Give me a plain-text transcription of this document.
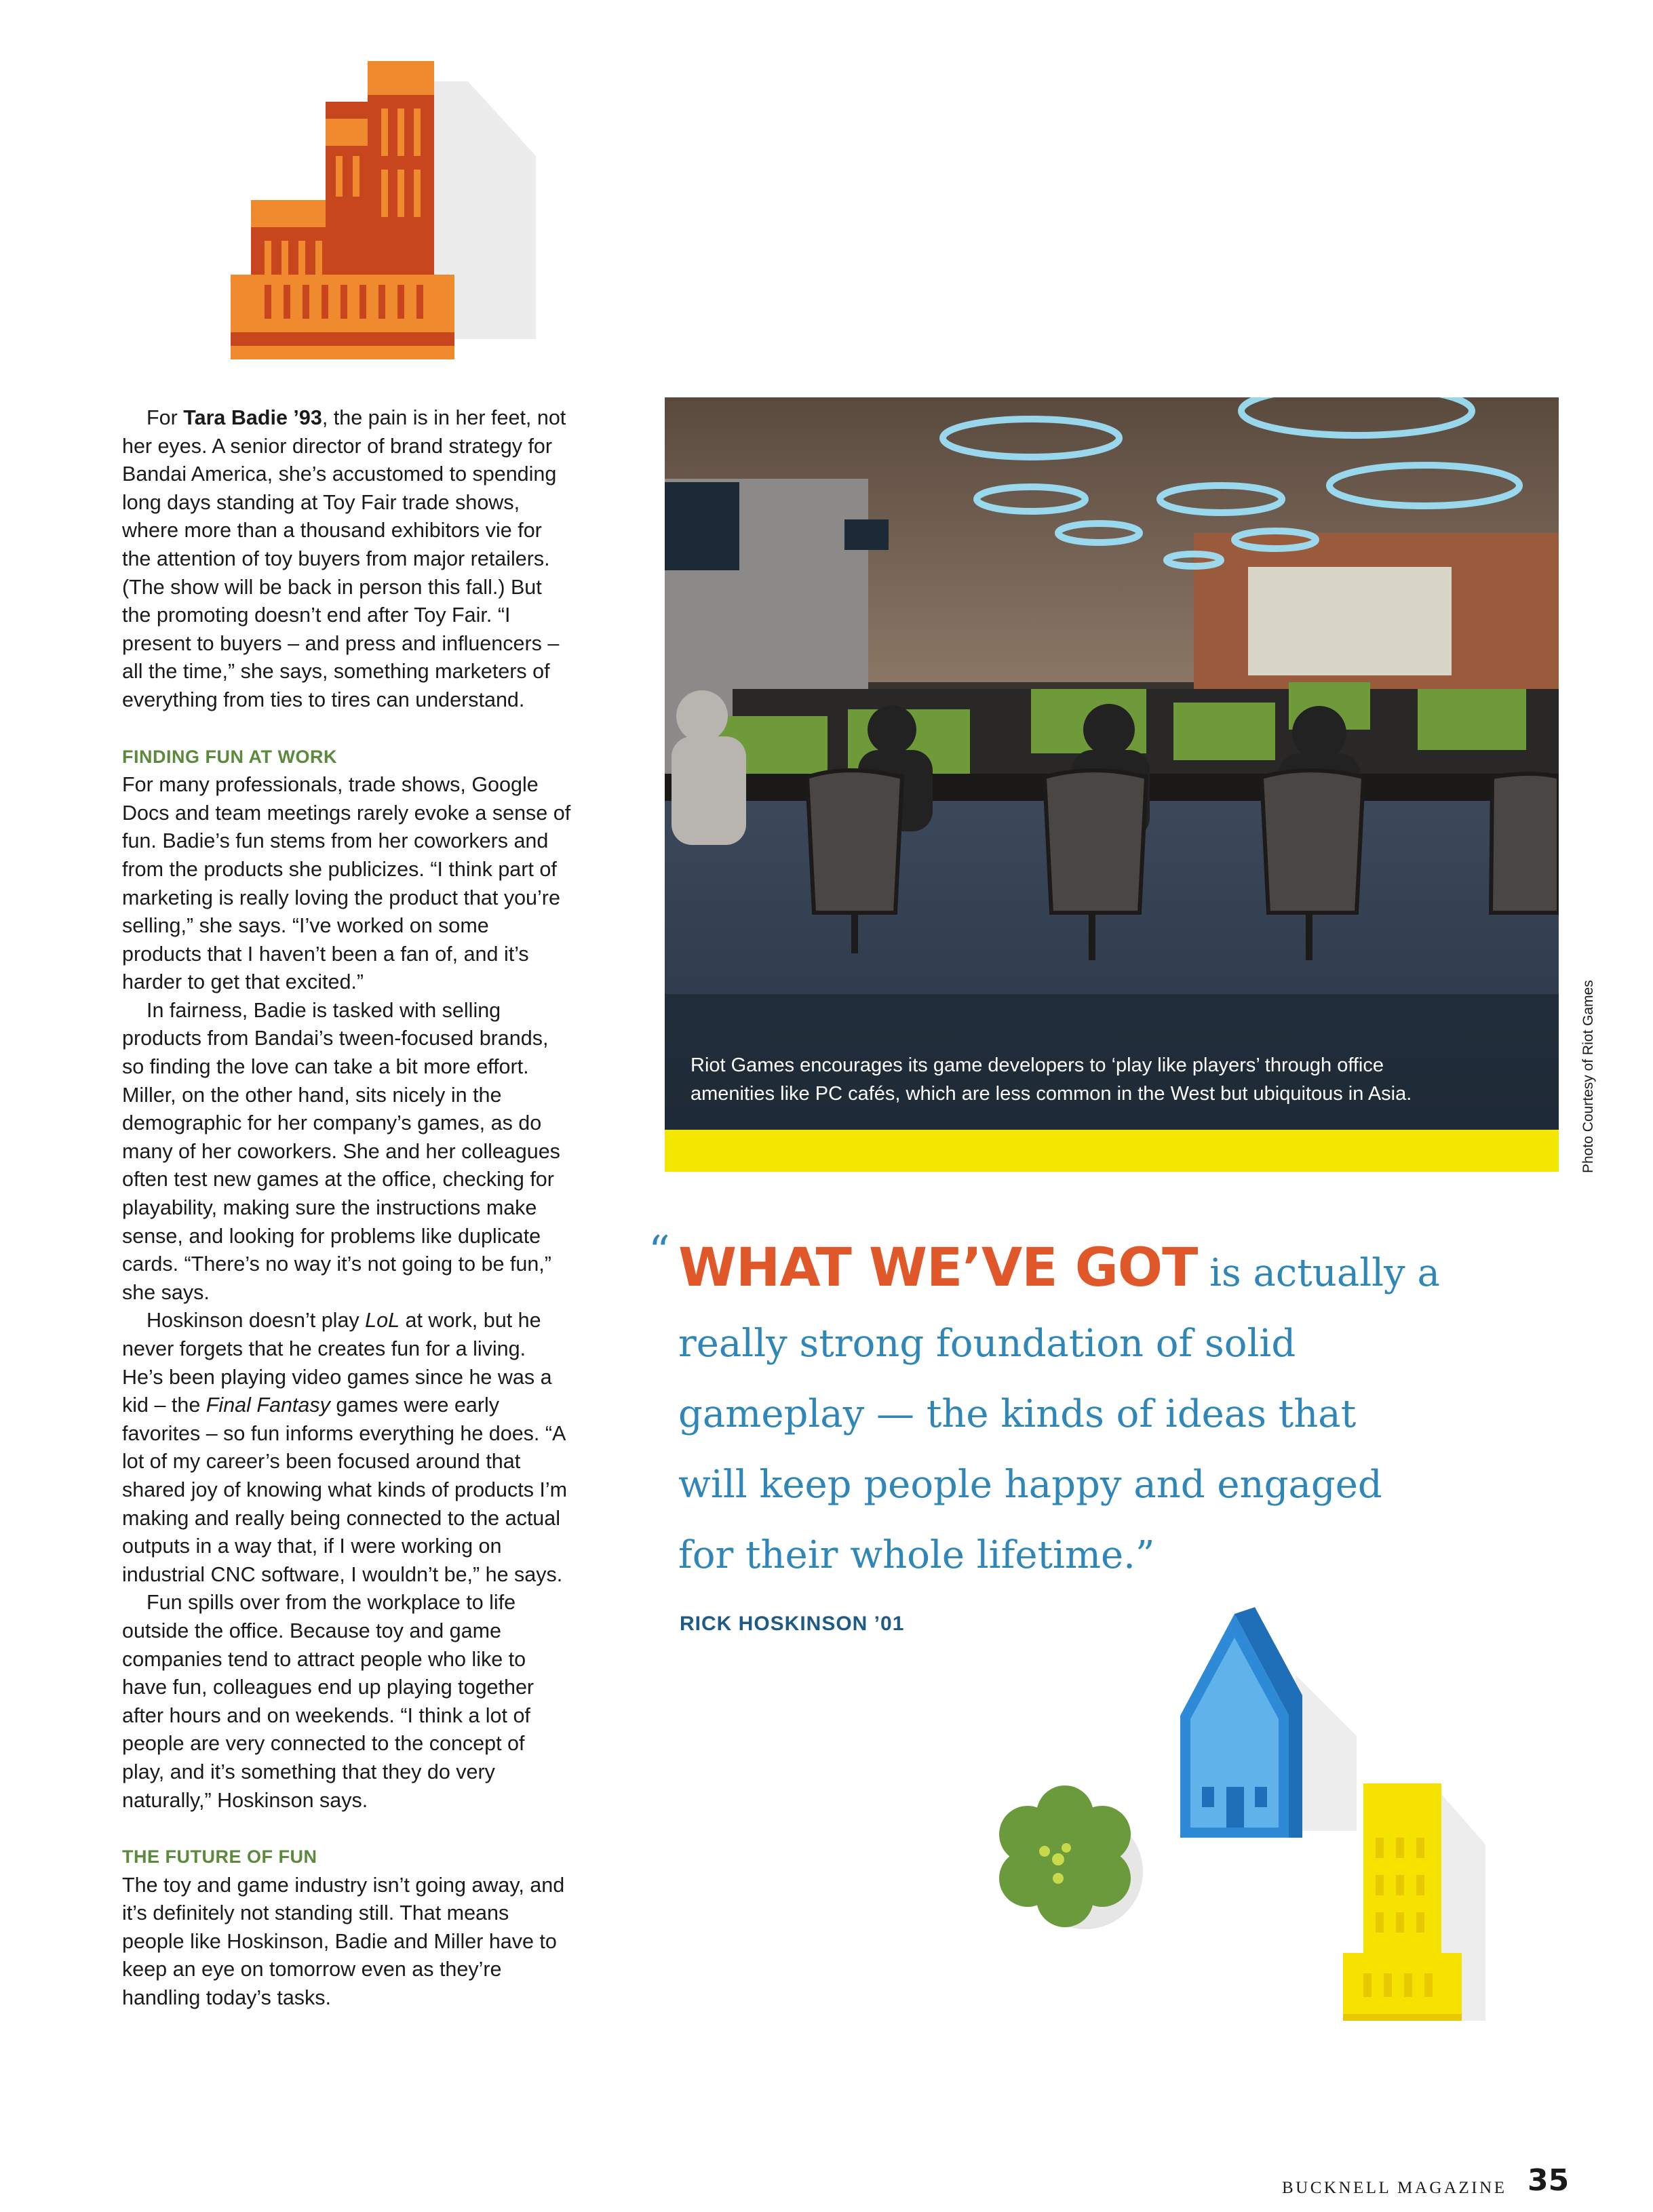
For Tara Badie ’93, the pain is in her feet, not her eyes. A senior director of brand strategy for Bandai America, she’s accustomed to spending long days standing at Toy Fair trade shows, where more than a thousand exhibitors vie for the attention of toy buyers from major retailers. (The show will be back in person this fall.) But the promoting doesn’t end after Toy Fair. “I present to buyers – and press and influencers – all the time,” she says, something marketers of everything from ties to tires can understand.

FINDING FUN AT WORK

For many professionals, trade shows, Google Docs and team meetings rarely evoke a sense of fun. Badie’s fun stems from her coworkers and from the products she publicizes. “I think part of marketing is really loving the product that you’re selling,” she says. “I’ve worked on some products that I haven’t been a fan of, and it’s harder to get that excited.”

In fairness, Badie is tasked with selling products from Bandai’s tween-focused brands, so finding the love can take a bit more effort. Miller, on the other hand, sits nicely in the demographic for her company’s games, as do many of her coworkers. She and her colleagues often test new games at the office, checking for playability, making sure the instructions make sense, and looking for problems like duplicate cards. “There’s no way it’s not going to be fun,” she says.

Hoskinson doesn’t play LoL at work, but he never forgets that he creates fun for a living. He’s been playing video games since he was a kid – the Final Fantasy games were early favorites – so fun informs everything he does. “A lot of my career’s been focused around that shared joy of knowing what kinds of products I’m making and really being connected to the actual outputs in a way that, if I were working on industrial CNC software, I wouldn’t be,” he says.

Fun spills over from the workplace to life outside the office. Because toy and game companies tend to attract people who like to have fun, colleagues end up playing together after hours and on weekends. “I think a lot of people are very connected to the concept of play, and it’s something that they do very naturally,” Hoskinson says.

THE FUTURE OF FUN

The toy and game industry isn’t going away, and it’s definitely not standing still. That means people like Hoskinson, Badie and Miller have to keep an eye on tomorrow even as they’re handling today’s tasks.

Riot Games encourages its game developers to ‘play like players’ through office
amenities like PC cafés, which are less common in the West but ubiquitous in Asia.	Photo Courtesy of Riot Games
“ WHAT WE’VE GOT is actually a
really strong foundation of solid
gameplay — the kinds of ideas that
will keep people happy and engaged
for their whole lifetime.”
RICK HOSKINSON ’01
BUCKNELL MAGAZINE 35
